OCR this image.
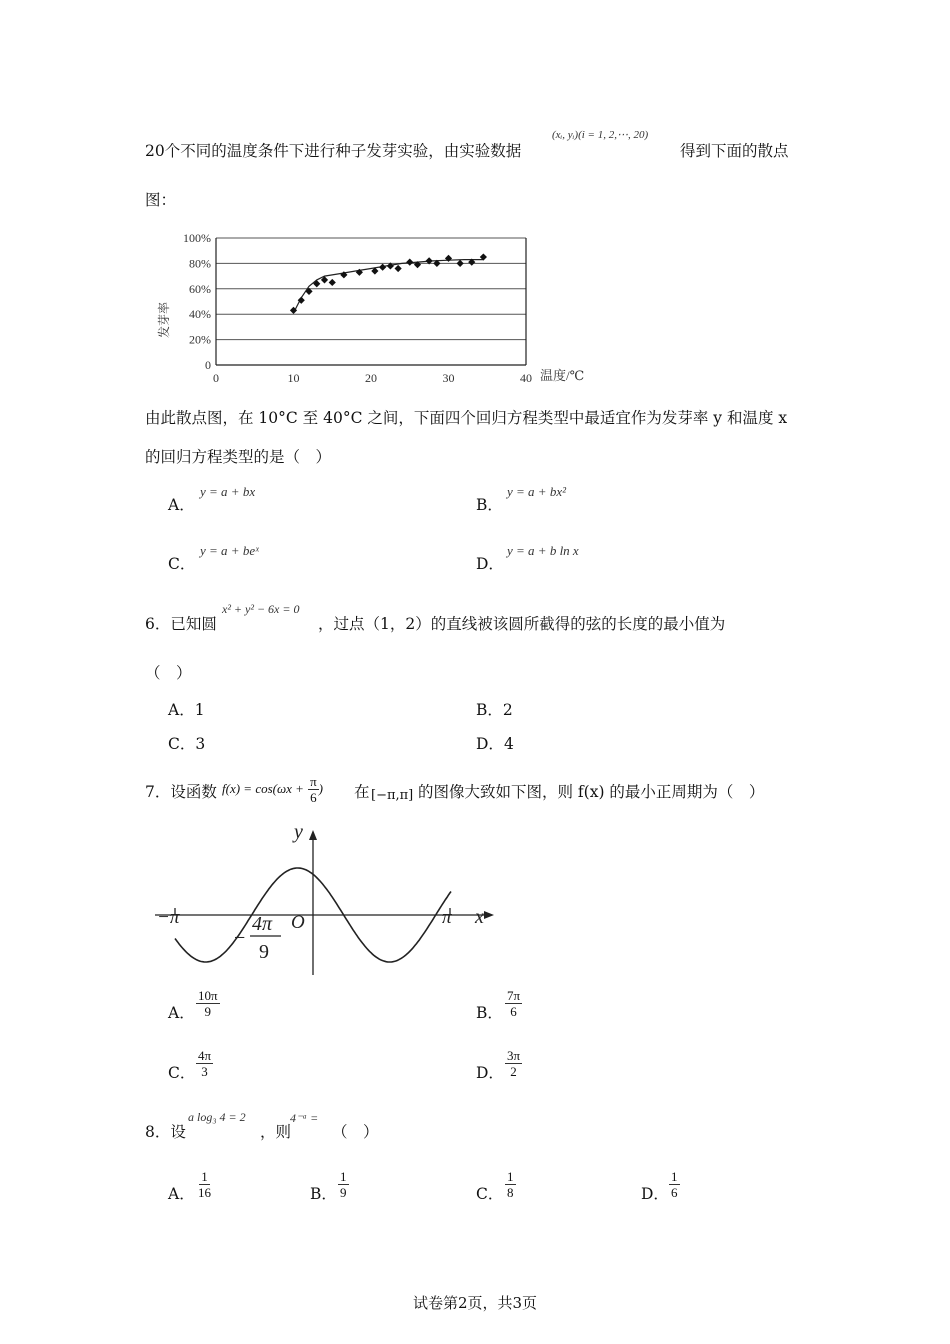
20个不同的温度条件下进行种子发芽实验，由实验数据
(xᵢ, yᵢ)(i = 1, 2,⋯, 20)
得到下面的散点
图：
0
20%
40%
60%
80%
100%
0	10	20	30	40 温度/℃
发芽率
由此散点图，在 10°C 至 40°C 之间，下面四个回归方程类型中最适宜作为发芽率 y 和温度 x
的回归方程类型的是（　）
A．
y = a + bx
B．
y = a + bx²
C．
y = a + beˣ
D．
y = a + b ln x
6．已知圆
x² + y² − 6x = 0
，过点（1，2）的直线被该圆所截得的弦的长度的最小值为
（　）
A．1	B．2
C．3	D．4
7．设函数 $f(x) = \cos(\omega x + \frac{\pi}{6}$ ) 在 [−π,π] 的图像大致如下图，则 f(x) 的最小正周期为（　）
y
x
O
−π	π
−
4π
9
A． $\frac{10\pi}{9}$	B． $\frac{7\pi}{6}$
C． $\frac{4\pi}{3}$	D． $\frac{3\pi}{2}$
8．设
a log₃ 4 = 2
，则
4⁻ᵃ =
（　）
A． $\frac{1}{16}$	B． $\frac{1}{9}$	C． $\frac{1}{8}$	D． $\frac{1}{6}$
试卷第2页，共3页
